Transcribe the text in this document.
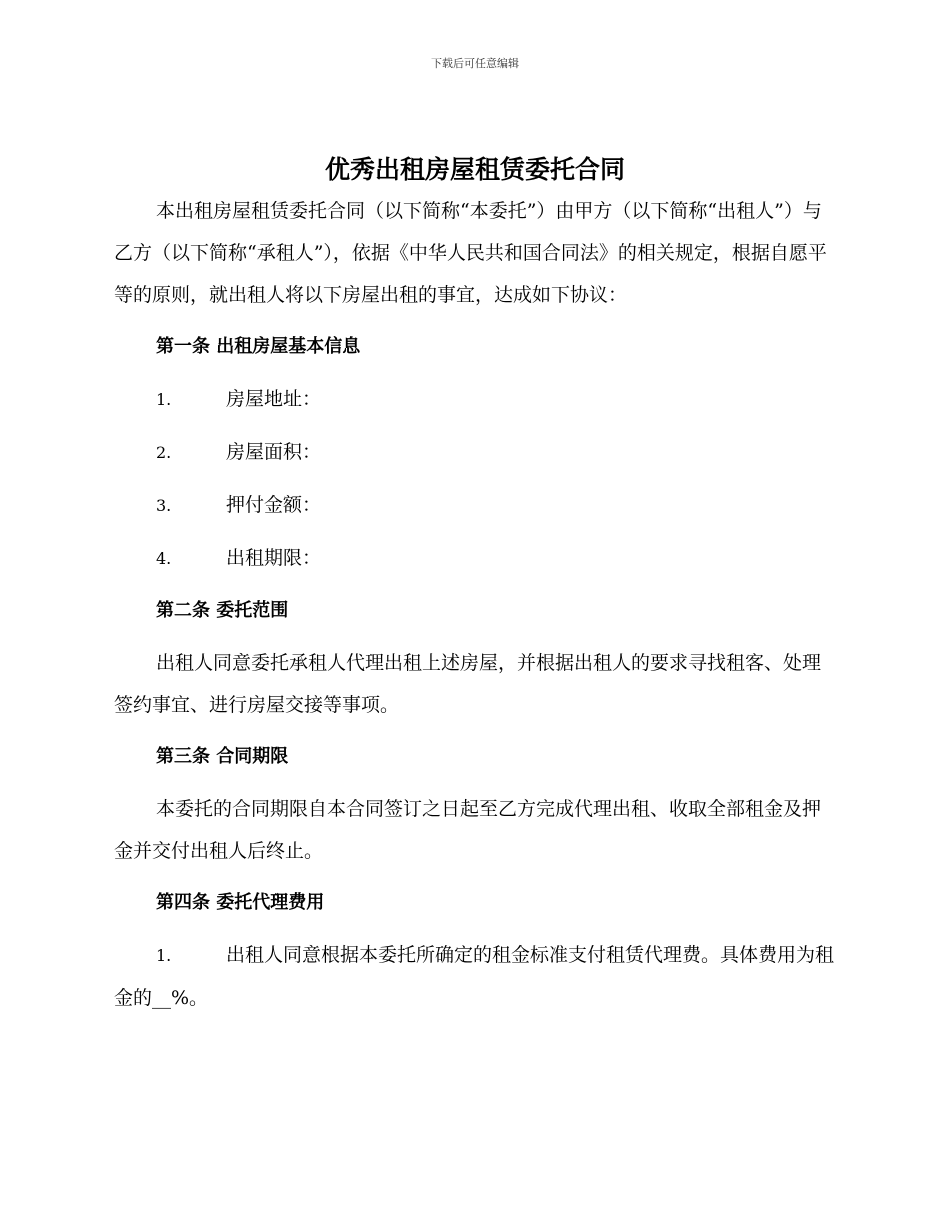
下载后可任意编辑
优秀出租房屋租赁委托合同

本出租房屋租赁委托合同（以下简称“本委托”）由甲方（以下简称“出租人”）与乙方（以下简称“承租人”），依据《中华人民共和国合同法》的相关规定，根据自愿平等的原则，就出租人将以下房屋出租的事宜，达成如下协议：

第一条 出租房屋基本信息

1.	房屋地址：
2.	房屋面积：
3.	押付金额：
4.	出租期限：

第二条 委托范围

出租人同意委托承租人代理出租上述房屋，并根据出租人的要求寻找租客、处理签约事宜、进行房屋交接等事项。

第三条 合同期限

本委托的合同期限自本合同签订之日起至乙方完成代理出租、收取全部租金及押金并交付出租人后终止。

第四条 委托代理费用

1.	出租人同意根据本委托所确定的租金标准支付租赁代理费。具体费用为租金的__%。
